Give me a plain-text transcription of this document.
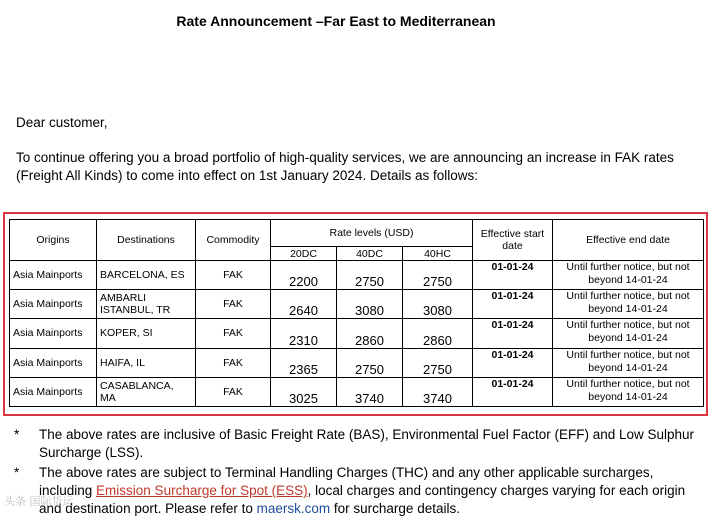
Rate Announcement –Far East to Mediterranean
Dear customer,
To continue offering you a broad portfolio of high-quality services, we are announcing an increase in FAK rates (Freight All Kinds) to come into effect on 1st January 2024. Details as follows:
Origins	Destinations	Commodity	Rate levels (USD)			Effective start date	Effective end date
			20DC	40DC	40HC		
Asia Mainports	BARCELONA, ES	FAK	2200	2750	2750	01-01-24	Until further notice, but not beyond 14-01-24
Asia Mainports	AMBARLI ISTANBUL, TR	FAK	2640	3080	3080	01-01-24	Until further notice, but not beyond 14-01-24
Asia Mainports	KOPER, SI	FAK	2310	2860	2860	01-01-24	Until further notice, but not beyond 14-01-24
Asia Mainports	HAIFA, IL	FAK	2365	2750	2750	01-01-24	Until further notice, but not beyond 14-01-24
Asia Mainports	CASABLANCA, MA	FAK	3025	3740	3740	01-01-24	Until further notice, but not beyond 14-01-24
*	The above rates are inclusive of Basic Freight Rate (BAS), Environmental Fuel Factor (EFF) and Low Sulphur Surcharge (LSS).
*	The above rates are subject to Terminal Handling Charges (THC) and any other applicable surcharges, including Emission Surcharge for Spot (ESS), local charges and contingency charges varying for each origin and destination port. Please refer to maersk.com for surcharge details.
头条 国际货运
